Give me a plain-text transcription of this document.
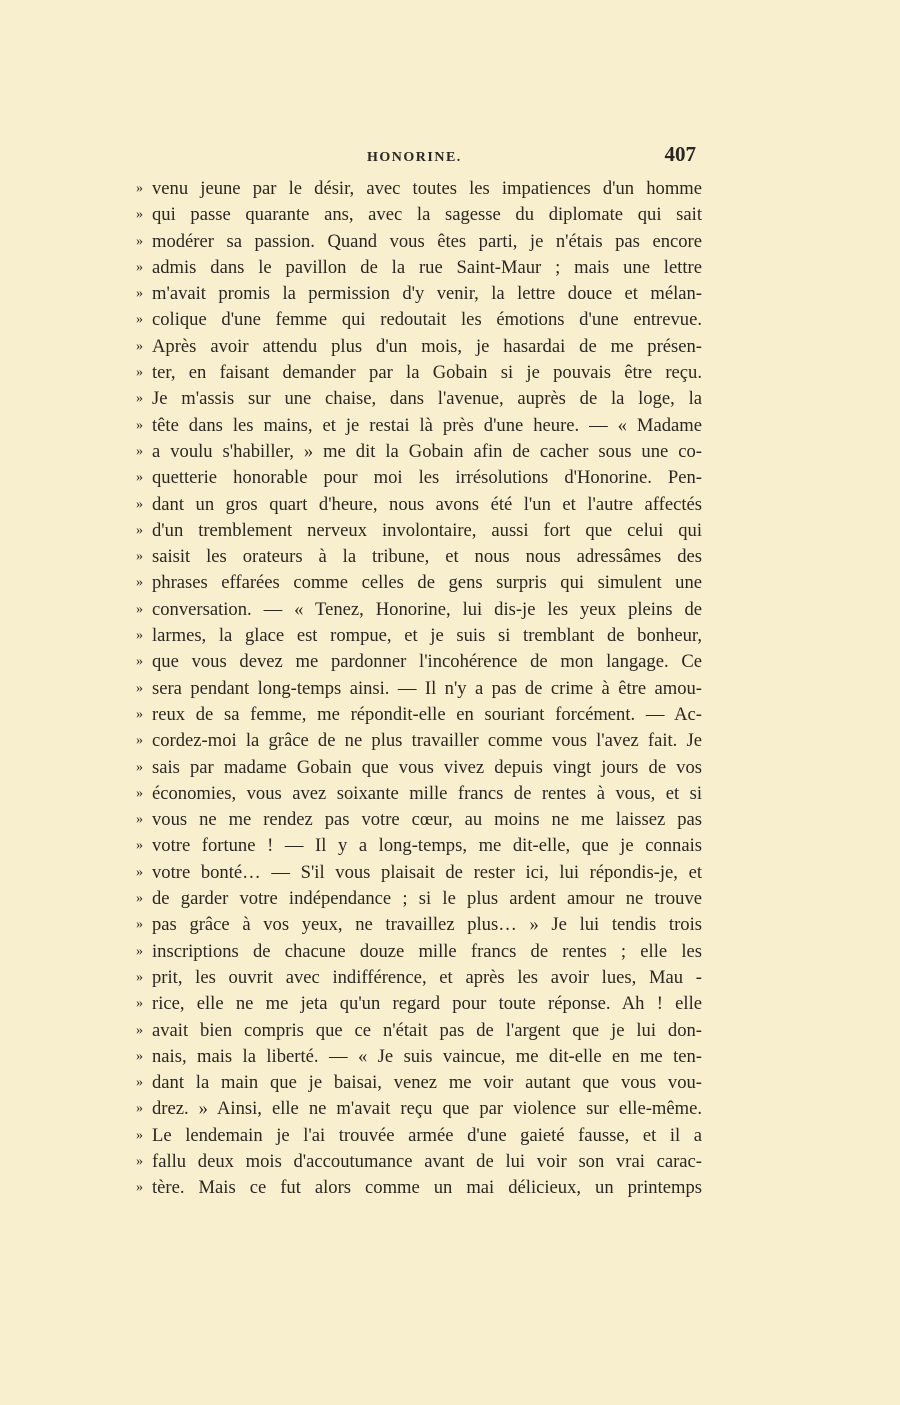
HONORINE.	407
» venu jeune par le désir, avec toutes les impatiences d'un homme
» qui passe quarante ans, avec la sagesse du diplomate qui sait
» modérer sa passion. Quand vous êtes parti, je n'étais pas encore
» admis dans le pavillon de la rue Saint-Maur ; mais une lettre
» m'avait promis la permission d'y venir, la lettre douce et mélan-
» colique d'une femme qui redoutait les émotions d'une entrevue.
» Après avoir attendu plus d'un mois, je hasardai de me présen-
» ter, en faisant demander par la Gobain si je pouvais être reçu.
» Je m'assis sur une chaise, dans l'avenue, auprès de la loge, la
» tête dans les mains, et je restai là près d'une heure. — « Madame
» a voulu s'habiller, » me dit la Gobain afin de cacher sous une co-
» quetterie honorable pour moi les irrésolutions d'Honorine. Pen-
» dant un gros quart d'heure, nous avons été l'un et l'autre affectés
» d'un tremblement nerveux involontaire, aussi fort que celui qui
» saisit les orateurs à la tribune, et nous nous adressâmes des
» phrases effarées comme celles de gens surpris qui simulent une
» conversation. — « Tenez, Honorine, lui dis-je les yeux pleins de
» larmes, la glace est rompue, et je suis si tremblant de bonheur,
» que vous devez me pardonner l'incohérence de mon langage. Ce
» sera pendant long-temps ainsi. — Il n'y a pas de crime à être amou-
» reux de sa femme, me répondit-elle en souriant forcément. — Ac-
» cordez-moi la grâce de ne plus travailler comme vous l'avez fait. Je
» sais par madame Gobain que vous vivez depuis vingt jours de vos
» économies, vous avez soixante mille francs de rentes à vous, et si
» vous ne me rendez pas votre cœur, au moins ne me laissez pas
» votre fortune ! — Il y a long-temps, me dit-elle, que je connais
» votre bonté… — S'il vous plaisait de rester ici, lui répondis-je, et
» de garder votre indépendance ; si le plus ardent amour ne trouve
» pas grâce à vos yeux, ne travaillez plus… » Je lui tendis trois
» inscriptions de chacune douze mille francs de rentes ; elle les
» prit, les ouvrit avec indifférence, et après les avoir lues, Mau -
» rice, elle ne me jeta qu'un regard pour toute réponse. Ah ! elle
» avait bien compris que ce n'était pas de l'argent que je lui don-
» nais, mais la liberté. — « Je suis vaincue, me dit-elle en me ten-
» dant la main que je baisai, venez me voir autant que vous vou-
» drez. » Ainsi, elle ne m'avait reçu que par violence sur elle-même.
» Le lendemain je l'ai trouvée armée d'une gaieté fausse, et il a
» fallu deux mois d'accoutumance avant de lui voir son vrai carac-
» tère. Mais ce fut alors comme un mai délicieux, un printemps
